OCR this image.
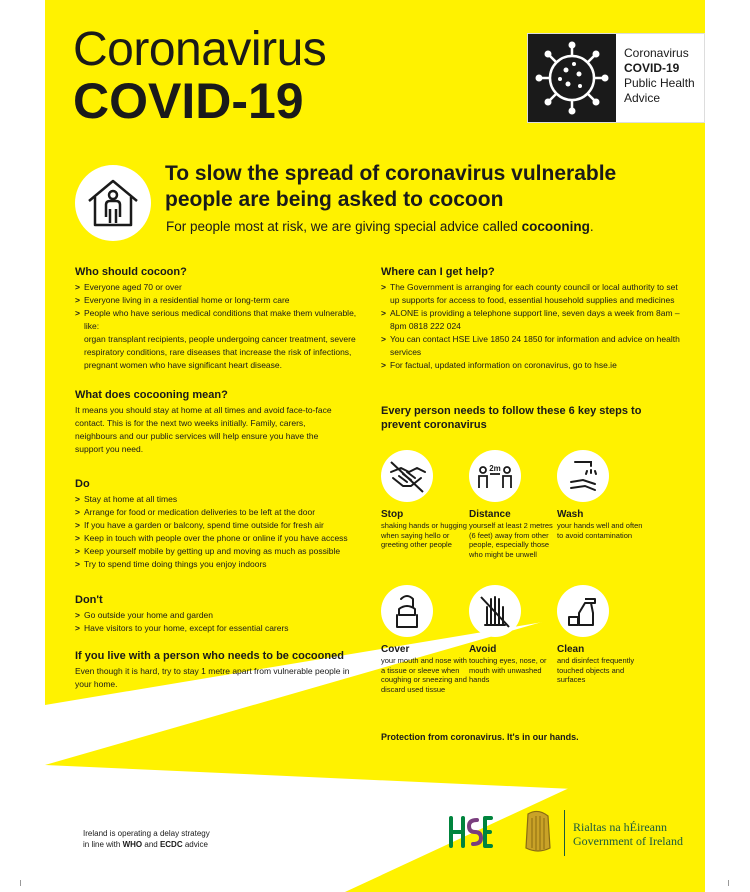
Coronavirus
COVID-19
Coronavirus
COVID-19
Public Health
Advice
To slow the spread of coronavirus vulnerable
people are being asked to cocoon
For people most at risk, we are giving special advice called cocooning.
Who should cocoon?
> Everyone aged 70 or over
> Everyone living in a residential home or long-term care
> People who have serious medical conditions that make them vulnerable, like:

organ transplant recipients, people undergoing cancer treatment, severe respiratory conditions, rare diseases that increase the risk of infections, pregnant women who have significant heart disease.

What does cocooning mean?

It means you should stay at home at all times and avoid face-to-face contact. This is for the next two weeks initially. Family, carers, neighbours and our public services will help ensure you have the support you need.

Do
> Stay at home at all times
> Arrange for food or medication deliveries to be left at the door
> If you have a garden or balcony, spend time outside for fresh air
> Keep in touch with people over the phone or online if you have access
> Keep yourself mobile by getting up and moving as much as possible
> Try to spend time doing things you enjoy indoors
Don't
> Go outside your home and garden
> Have visitors to your home, except for essential carers
If you live with a person who needs to be cocooned

Even though it is hard, try to stay 1 metre apart from vulnerable people in your home.

Where can I get help?
> The Government is arranging for each county council or local authority to set up supports for access to food, essential household supplies and medicines
> ALONE is providing a telephone support line, seven days a week from 8am – 8pm 0818 222 024
> You can contact HSE Live 1850 24 1850 for information and advice on health services
> For factual, updated information on coronavirus, go to hse.ie
Every person needs to follow these 6 key steps to prevent coronavirus
Stop
shaking hands or hugging when saying hello or greeting other people
2m
Distance
yourself at least 2 metres (6 feet) away from other people, especially those who might be unwell
Wash
your hands well and often to avoid contamination
Cover
your mouth and nose with a tissue or sleeve when coughing or sneezing and discard used tissue
Avoid
touching eyes, nose, or mouth with unwashed hands
Clean
and disinfect frequently touched objects and surfaces
Protection from coronavirus. It's in our hands.
Ireland is operating a delay strategy
in line with WHO and ECDC advice
Rialtas na hÉireann
Government of Ireland
